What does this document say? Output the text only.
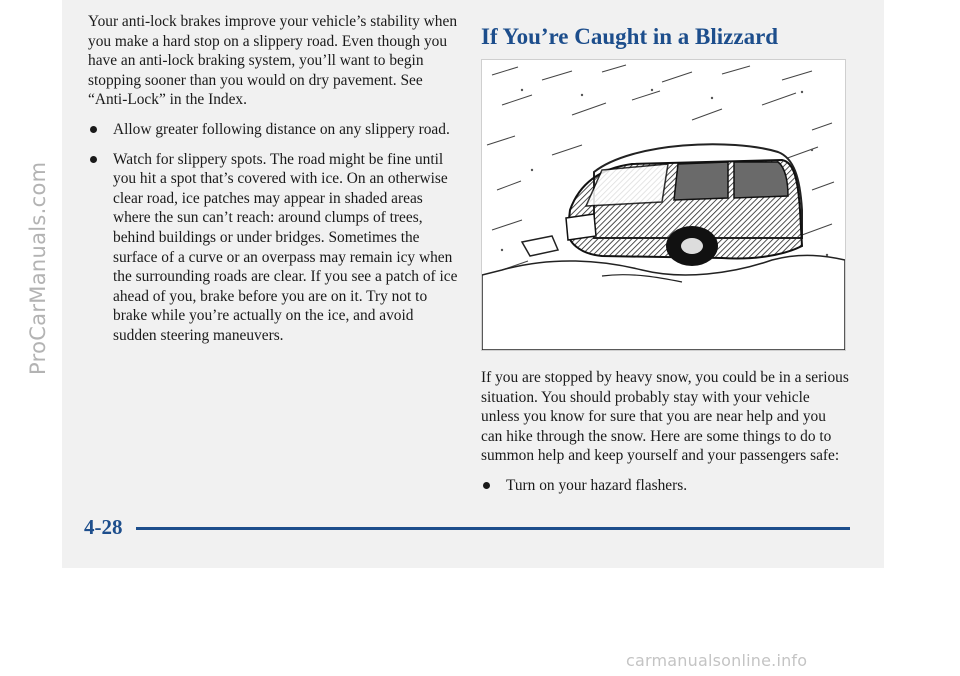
ProCarManuals.com

Your anti-lock brakes improve your vehicle’s stability when you make a hard stop on a slippery road. Even though you have an anti-lock braking system, you’ll want to begin stopping sooner than you would on dry pavement. See “Anti-Lock” in the Index.

Allow greater following distance on any slippery road.
Watch for slippery spots. The road might be fine until you hit a spot that’s covered with ice. On an otherwise clear road, ice patches may appear in shaded areas where the sun can’t reach: around clumps of trees, behind buildings or under bridges. Sometimes the surface of a curve or an overpass may remain icy when the surrounding roads are clear. If you see a patch of ice ahead of you, brake before you are on it. Try not to brake while you’re actually on the ice, and avoid sudden steering maneuvers.
If You’re Caught in a Blizzard

If you are stopped by heavy snow, you could be in a serious situation. You should probably stay with your vehicle unless you know for sure that you are near help and you can hike through the snow. Here are some things to do to summon help and keep yourself and your passengers safe:

Turn on your hazard flashers.
4-28
carmanualsonline.info
